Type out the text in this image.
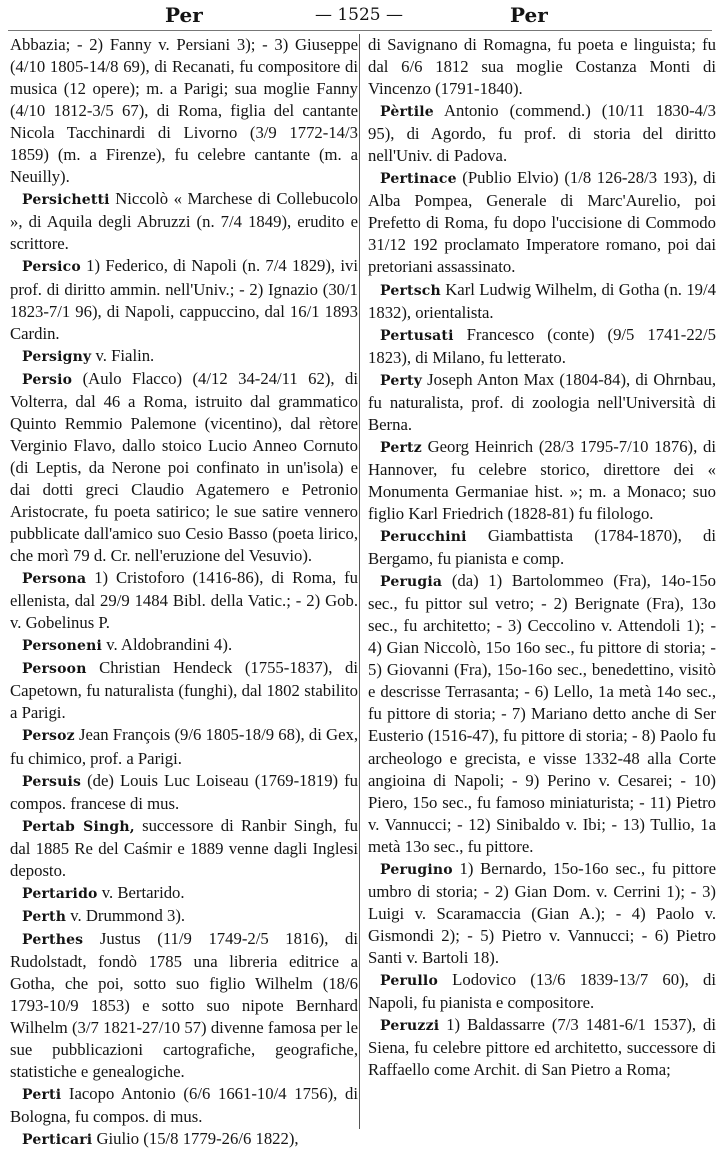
Per	— 1525 —	Per

Abbazia; - 2) Fanny v. Persiani 3); - 3) Giuseppe (4/10 1805-14/8 69), di Recanati, fu compositore di musica (12 opere); m. a Parigi; sua moglie Fanny (4/10 1812-3/5 67), di Roma, figlia del cantante Nicola Tacchinardi di Livorno (3/9 1772-14/3 1859) (m. a Firenze), fu celebre cantante (m. a Neuilly).

Persichetti Niccolò « Marchese di Collebucolo », di Aquila degli Abruzzi (n. 7/4 1849), erudito e scrittore.

Persico 1) Federico, di Napoli (n. 7/4 1829), ivi prof. di diritto ammin. nell'Univ.; - 2) Ignazio (30/1 1823-7/1 96), di Napoli, cappuccino, dal 16/1 1893 Cardin.

Persigny v. Fialin.

Persio (Aulo Flacco) (4/12 34-24/11 62), di Volterra, dal 46 a Roma, istruito dal grammatico Quinto Remmio Palemone (vicentino), dal rètore Verginio Flavo, dallo stoico Lucio Anneo Cornuto (di Leptis, da Nerone poi confinato in un'isola) e dai dotti greci Claudio Agatemero e Petronio Aristocrate, fu poeta satirico; le sue satire vennero pubblicate dall'amico suo Cesio Basso (poeta lirico, che morì 79 d. Cr. nell'eruzione del Vesuvio).

Persona 1) Cristoforo (1416-86), di Roma, fu ellenista, dal 29/9 1484 Bibl. della Vatic.; - 2) Gob. v. Gobelinus P.

Personeni v. Aldobrandini 4).

Persoon Christian Hendeck (1755-1837), di Capetown, fu naturalista (funghi), dal 1802 stabilito a Parigi.

Persoz Jean François (9/6 1805-18/9 68), di Gex, fu chimico, prof. a Parigi.

Persuis (de) Louis Luc Loiseau (1769-1819) fu compos. francese di mus.

Pertab Singh, successore di Ranbir Singh, fu dal 1885 Re del Caśmir e 1889 venne dagli Inglesi deposto.

Pertarido v. Bertarido.

Perth v. Drummond 3).

Perthes Justus (11/9 1749-2/5 1816), di Rudolstadt, fondò 1785 una libreria editrice a Gotha, che poi, sotto suo figlio Wilhelm (18/6 1793-10/9 1853) e sotto suo nipote Bernhard Wilhelm (3/7 1821-27/10 57) divenne famosa per le sue pubblicazioni cartografiche, geografiche, statistiche e genealogiche.

Perti Iacopo Antonio (6/6 1661-10/4 1756), di Bologna, fu compos. di mus.

Perticari Giulio (15/8 1779-26/6 1822),

di Savignano di Romagna, fu poeta e linguista; fu dal 6/6 1812 sua moglie Costanza Monti di Vincenzo (1791-1840).

Pèrtile Antonio (commend.) (10/11 1830-4/3 95), di Agordo, fu prof. di storia del diritto nell'Univ. di Padova.

Pertinace (Publio Elvio) (1/8 126-28/3 193), di Alba Pompea, Generale di Marc'Aurelio, poi Prefetto di Roma, fu dopo l'uccisione di Commodo 31/12 192 proclamato Imperatore romano, poi dai pretoriani assassinato.

Pertsch Karl Ludwig Wilhelm, di Gotha (n. 19/4 1832), orientalista.

Pertusati Francesco (conte) (9/5 1741-22/5 1823), di Milano, fu letterato.

Perty Joseph Anton Max (1804-84), di Ohrnbau, fu naturalista, prof. di zoologia nell'Università di Berna.

Pertz Georg Heinrich (28/3 1795-7/10 1876), di Hannover, fu celebre storico, direttore dei « Monumenta Germaniae hist. »; m. a Monaco; suo figlio Karl Friedrich (1828-81) fu filologo.

Perucchini Giambattista (1784-1870), di Bergamo, fu pianista e comp.

Perugia (da) 1) Bartolommeo (Fra), 14o-15o sec., fu pittor sul vetro; - 2) Berignate (Fra), 13o sec., fu architetto; - 3) Ceccolino v. Attendoli 1); - 4) Gian Niccolò, 15o 16o sec., fu pittore di storia; - 5) Giovanni (Fra), 15o-16o sec., benedettino, visitò e descrisse Terrasanta; - 6) Lello, 1a metà 14o sec., fu pittore di storia; - 7) Mariano detto anche di Ser Eusterio (1516-47), fu pittore di storia; - 8) Paolo fu archeologo e grecista, e visse 1332-48 alla Corte angioina di Napoli; - 9) Perino v. Cesarei; - 10) Piero, 15o sec., fu famoso miniaturista; - 11) Pietro v. Vannucci; - 12) Sinibaldo v. Ibi; - 13) Tullio, 1a metà 13o sec., fu pittore.

Perugino 1) Bernardo, 15o-16o sec., fu pittore umbro di storia; - 2) Gian Dom. v. Cerrini 1); - 3) Luigi v. Scaramaccia (Gian A.); - 4) Paolo v. Gismondi 2); - 5) Pietro v. Vannucci; - 6) Pietro Santi v. Bartoli 18).

Perullo Lodovico (13/6 1839-13/7 60), di Napoli, fu pianista e compositore.

Peruzzi 1) Baldassarre (7/3 1481-6/1 1537), di Siena, fu celebre pittore ed architetto, successore di Raffaello come Archit. di San Pietro a Roma;
